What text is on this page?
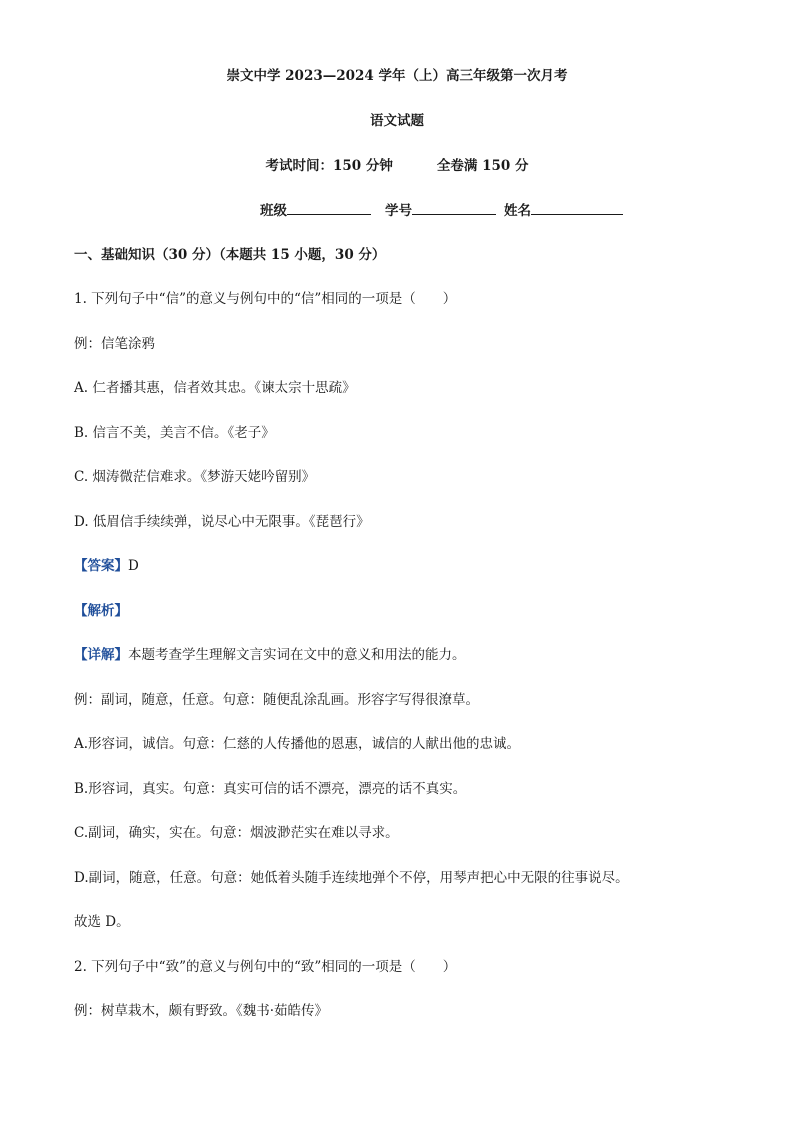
崇文中学 2023—2024 学年（上）高三年级第一次月考
语文试题
考试时间：150 分钟	全卷满 150 分
班级	学号	姓名
一、基础知识（30 分）（本题共 15 小题，30 分）
1. 下列句子中“信”的意义与例句中的“信”相同的一项是（　　）
例：信笔涂鸦
A. 仁者播其惠，信者效其忠。《谏太宗十思疏》
B. 信言不美，美言不信。《老子》
C. 烟涛微茫信难求。《梦游天姥吟留别》
D. 低眉信手续续弹，说尽心中无限事。《琵琶行》
【答案】D
【解析】
【详解】本题考查学生理解文言实词在文中的意义和用法的能力。
例：副词，随意，任意。句意：随便乱涂乱画。形容字写得很潦草。
A.形容词，诚信。句意：仁慈的人传播他的恩惠，诚信的人献出他的忠诚。
B.形容词，真实。句意：真实可信的话不漂亮，漂亮的话不真实。
C.副词，确实，实在。句意：烟波渺茫实在难以寻求。
D.副词，随意，任意。句意：她低着头随手连续地弹个不停，用琴声把心中无限的往事说尽。
故选 D。
2. 下列句子中“致”的意义与例句中的“致”相同的一项是（　　）
例：树草栽木，颇有野致。《魏书·茹皓传》
